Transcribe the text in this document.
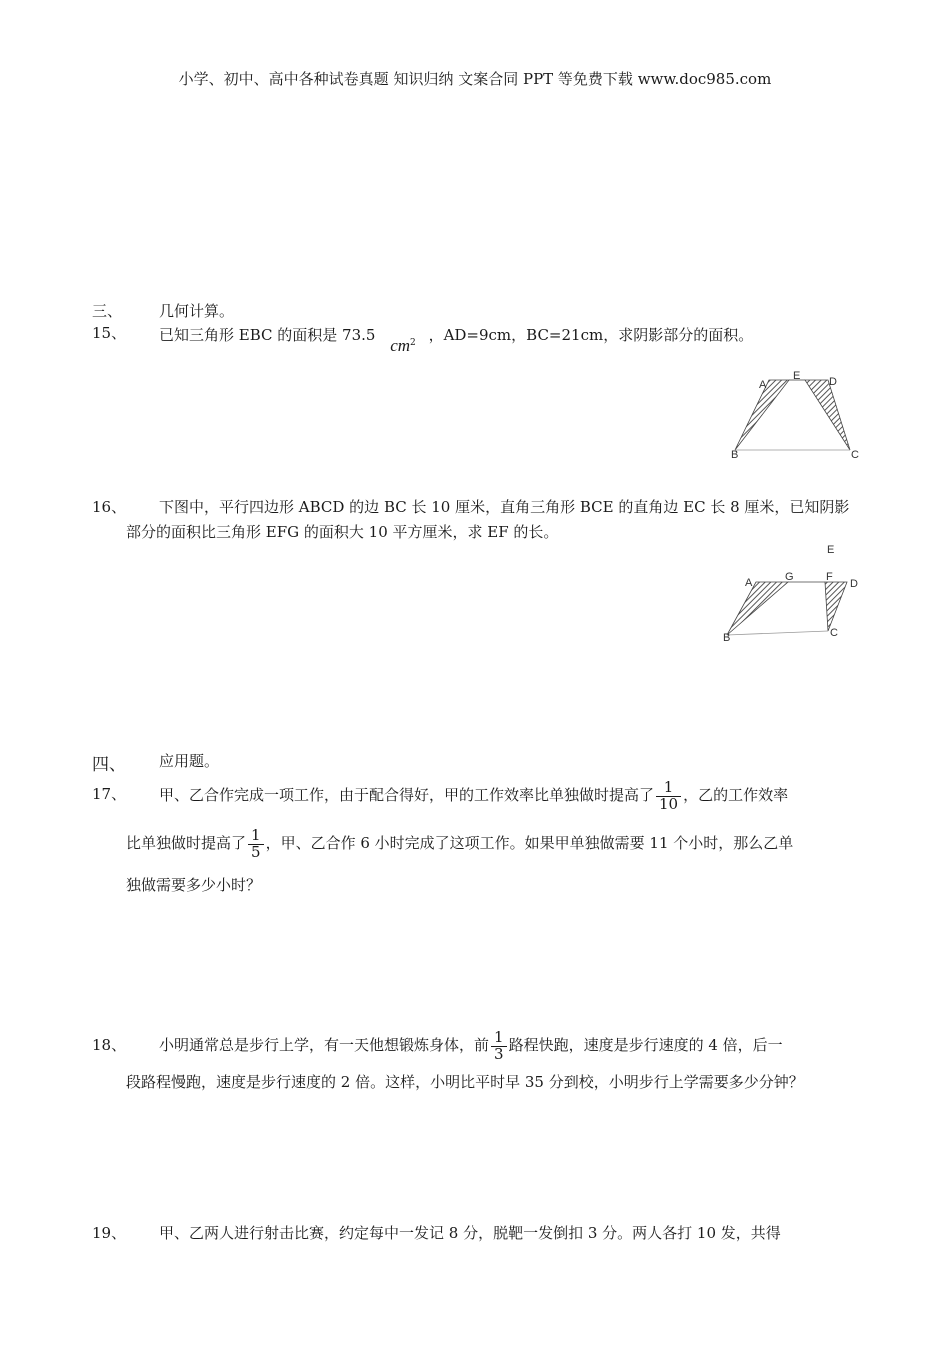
小学、初中、高中各种试卷真题 知识归纳 文案合同 PPT 等免费下载 www.doc985.com
三、 几何计算。
15、 已知三角形 EBC 的面积是 73.5 $cm^2$ ，AD=9cm，BC=21cm，求阴影部分的面积。
A
E	D
B	C
16、 下图中，平行四边形 ABCD 的边 BC 长 10 厘米，直角三角形 BCE 的直角边 EC 长 8 厘米，已知阴影
部分的面积比三角形 EFG 的面积大 10 平方厘米，求 EF 的长。
E
A	G	F
D
B	C
四、 应用题。
17、 甲、乙合作完成一项工作，由于配合得好，甲的工作效率比单独做时提高了 $\frac{1}{10}$ ，乙的工作效率
比单独做时提高了 $\frac{1}{5}$ ，甲、乙合作 6 小时完成了这项工作。如果甲单独做需要 11 个小时，那么乙单
独做需要多少小时？
18、 小明通常总是步行上学，有一天他想锻炼身体，前 $\frac{1}{3}$ 路程快跑，速度是步行速度的 4 倍，后一
段路程慢跑，速度是步行速度的 2 倍。这样，小明比平时早 35 分到校，小明步行上学需要多少分钟？
19、 甲、乙两人进行射击比赛，约定每中一发记 8 分，脱靶一发倒扣 3 分。两人各打 10 发，共得
